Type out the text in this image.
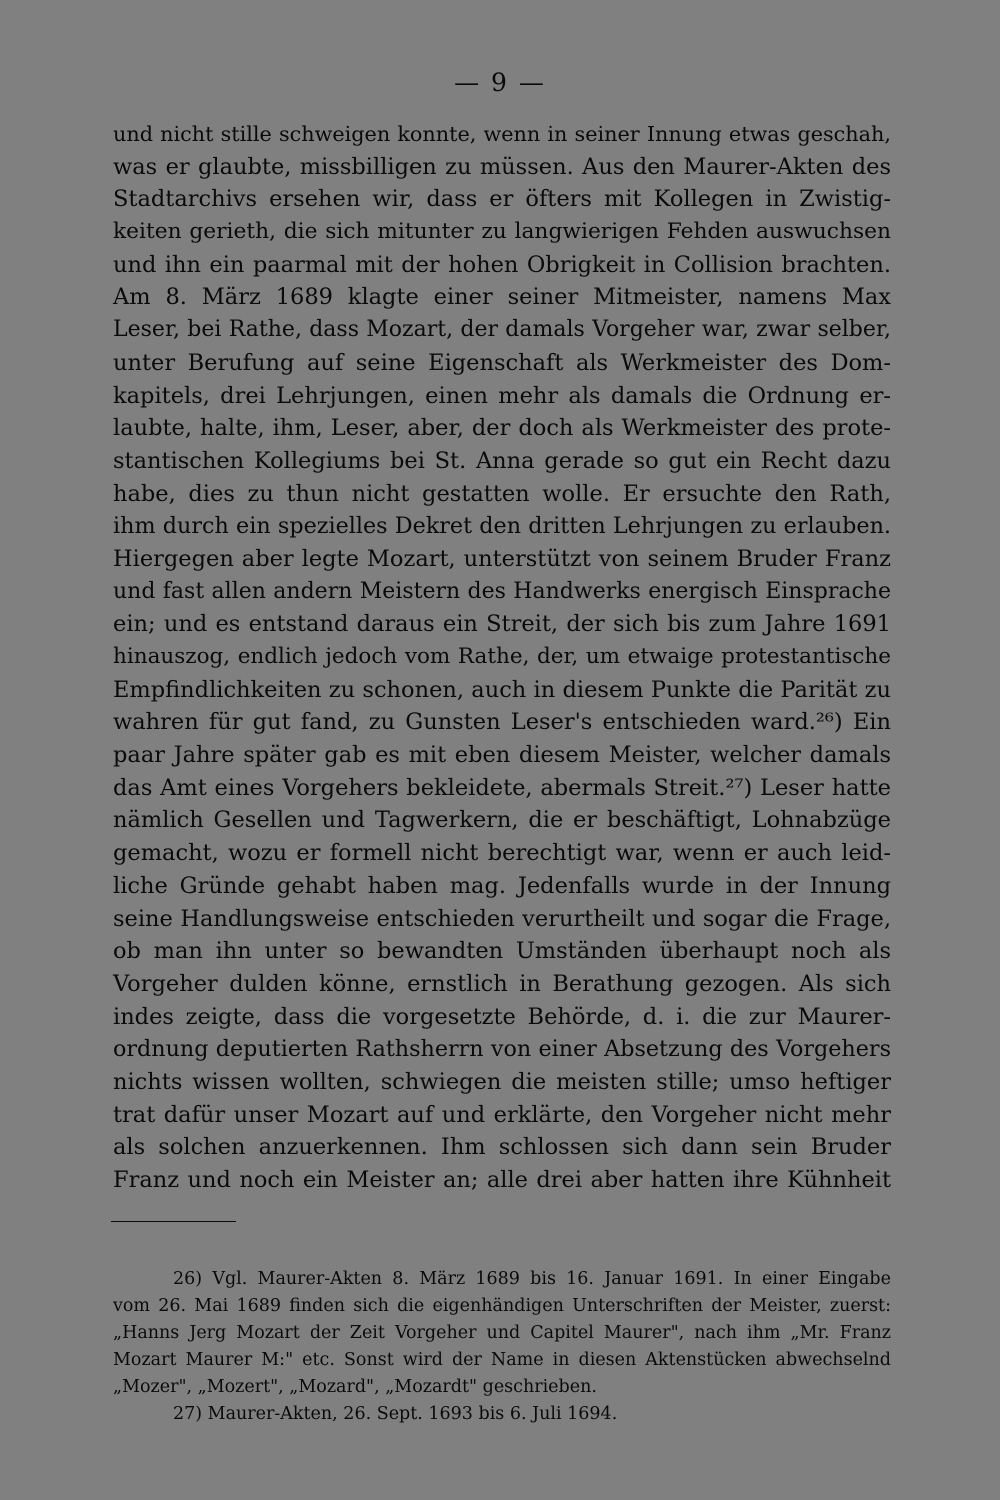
— 9 —
und nicht stille schweigen konnte, wenn in seiner Innung etwas geschah,
was er glaubte, missbilligen zu müssen. Aus den Maurer-Akten des
Stadtarchivs ersehen wir, dass er öfters mit Kollegen in Zwistig-
keiten gerieth, die sich mitunter zu langwierigen Fehden auswuchsen
und ihn ein paarmal mit der hohen Obrigkeit in Collision brachten.
Am 8. März 1689 klagte einer seiner Mitmeister, namens Max
Leser, bei Rathe, dass Mozart, der damals Vorgeher war, zwar selber,
unter Berufung auf seine Eigenschaft als Werkmeister des Dom-
kapitels, drei Lehrjungen, einen mehr als damals die Ordnung er-
laubte, halte, ihm, Leser, aber, der doch als Werkmeister des prote-
stantischen Kollegiums bei St. Anna gerade so gut ein Recht dazu
habe, dies zu thun nicht gestatten wolle. Er ersuchte den Rath,
ihm durch ein spezielles Dekret den dritten Lehrjungen zu erlauben.
Hiergegen aber legte Mozart, unterstützt von seinem Bruder Franz
und fast allen andern Meistern des Handwerks energisch Einsprache
ein; und es entstand daraus ein Streit, der sich bis zum Jahre 1691
hinauszog, endlich jedoch vom Rathe, der, um etwaige protestantische
Empfindlichkeiten zu schonen, auch in diesem Punkte die Parität zu
wahren für gut fand, zu Gunsten Leser's entschieden ward.²⁶) Ein
paar Jahre später gab es mit eben diesem Meister, welcher damals
das Amt eines Vorgehers bekleidete, abermals Streit.²⁷) Leser hatte
nämlich Gesellen und Tagwerkern, die er beschäftigt, Lohnabzüge
gemacht, wozu er formell nicht berechtigt war, wenn er auch leid-
liche Gründe gehabt haben mag. Jedenfalls wurde in der Innung
seine Handlungsweise entschieden verurtheilt und sogar die Frage,
ob man ihn unter so bewandten Umständen überhaupt noch als
Vorgeher dulden könne, ernstlich in Berathung gezogen. Als sich
indes zeigte, dass die vorgesetzte Behörde, d. i. die zur Maurer-
ordnung deputierten Rathsherrn von einer Absetzung des Vorgehers
nichts wissen wollten, schwiegen die meisten stille; umso heftiger
trat dafür unser Mozart auf und erklärte, den Vorgeher nicht mehr
als solchen anzuerkennen. Ihm schlossen sich dann sein Bruder
Franz und noch ein Meister an; alle drei aber hatten ihre Kühnheit
26) Vgl. Maurer-Akten 8. März 1689 bis 16. Januar 1691. In einer Eingabe
vom 26. Mai 1689 finden sich die eigenhändigen Unterschriften der Meister, zuerst:
„Hanns Jerg Mozart der Zeit Vorgeher und Capitel Maurer", nach ihm „Mr. Franz
Mozart Maurer M:" etc. Sonst wird der Name in diesen Aktenstücken abwechselnd
„Mozer", „Mozert", „Mozard", „Mozardt" geschrieben.
27) Maurer-Akten, 26. Sept. 1693 bis 6. Juli 1694.
